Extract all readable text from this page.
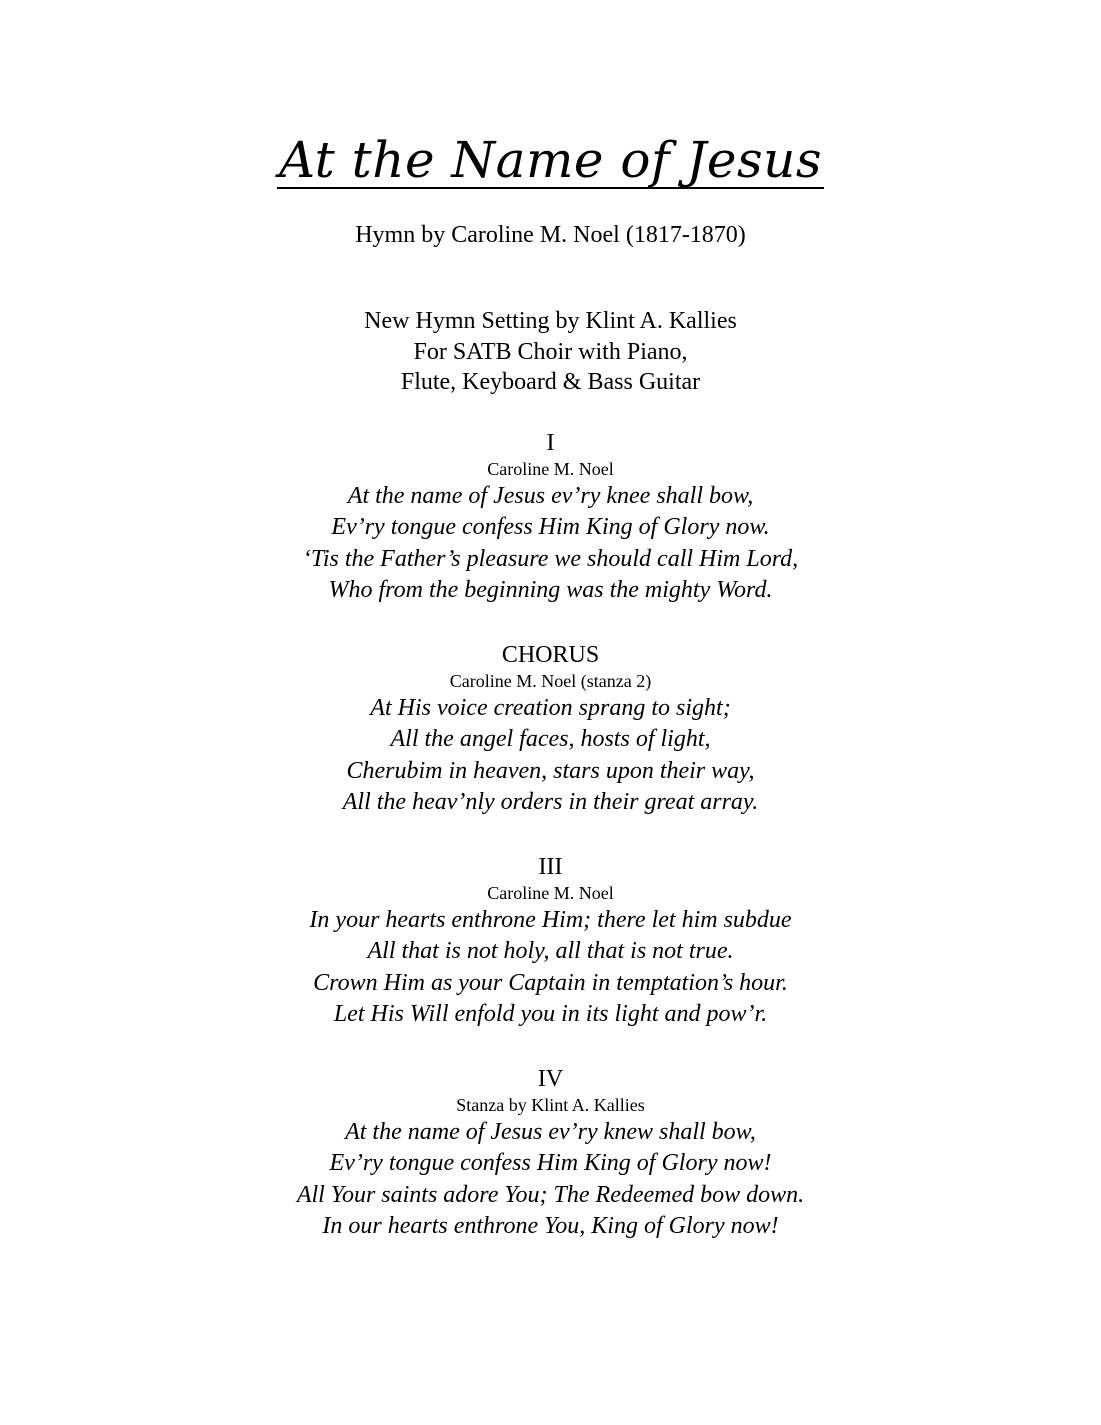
At the Name of Jesus
Hymn by Caroline M. Noel (1817-1870)
New Hymn Setting by Klint A. Kallies
For SATB Choir with Piano,
Flute, Keyboard & Bass Guitar
I
Caroline M. Noel
At the name of Jesus ev’ry knee shall bow,
Ev’ry tongue confess Him King of Glory now.
‘Tis the Father’s pleasure we should call Him Lord,
Who from the beginning was the mighty Word.
CHORUS
Caroline M. Noel (stanza 2)
At His voice creation sprang to sight;
All the angel faces, hosts of light,
Cherubim in heaven, stars upon their way,
All the heav’nly orders in their great array.
III
Caroline M. Noel
In your hearts enthrone Him; there let him subdue
All that is not holy, all that is not true.
Crown Him as your Captain in temptation’s hour.
Let His Will enfold you in its light and pow’r.
IV
Stanza by Klint A. Kallies
At the name of Jesus ev’ry knew shall bow,
Ev’ry tongue confess Him King of Glory now!
All Your saints adore You; The Redeemed bow down.
In our hearts enthrone You, King of Glory now!
